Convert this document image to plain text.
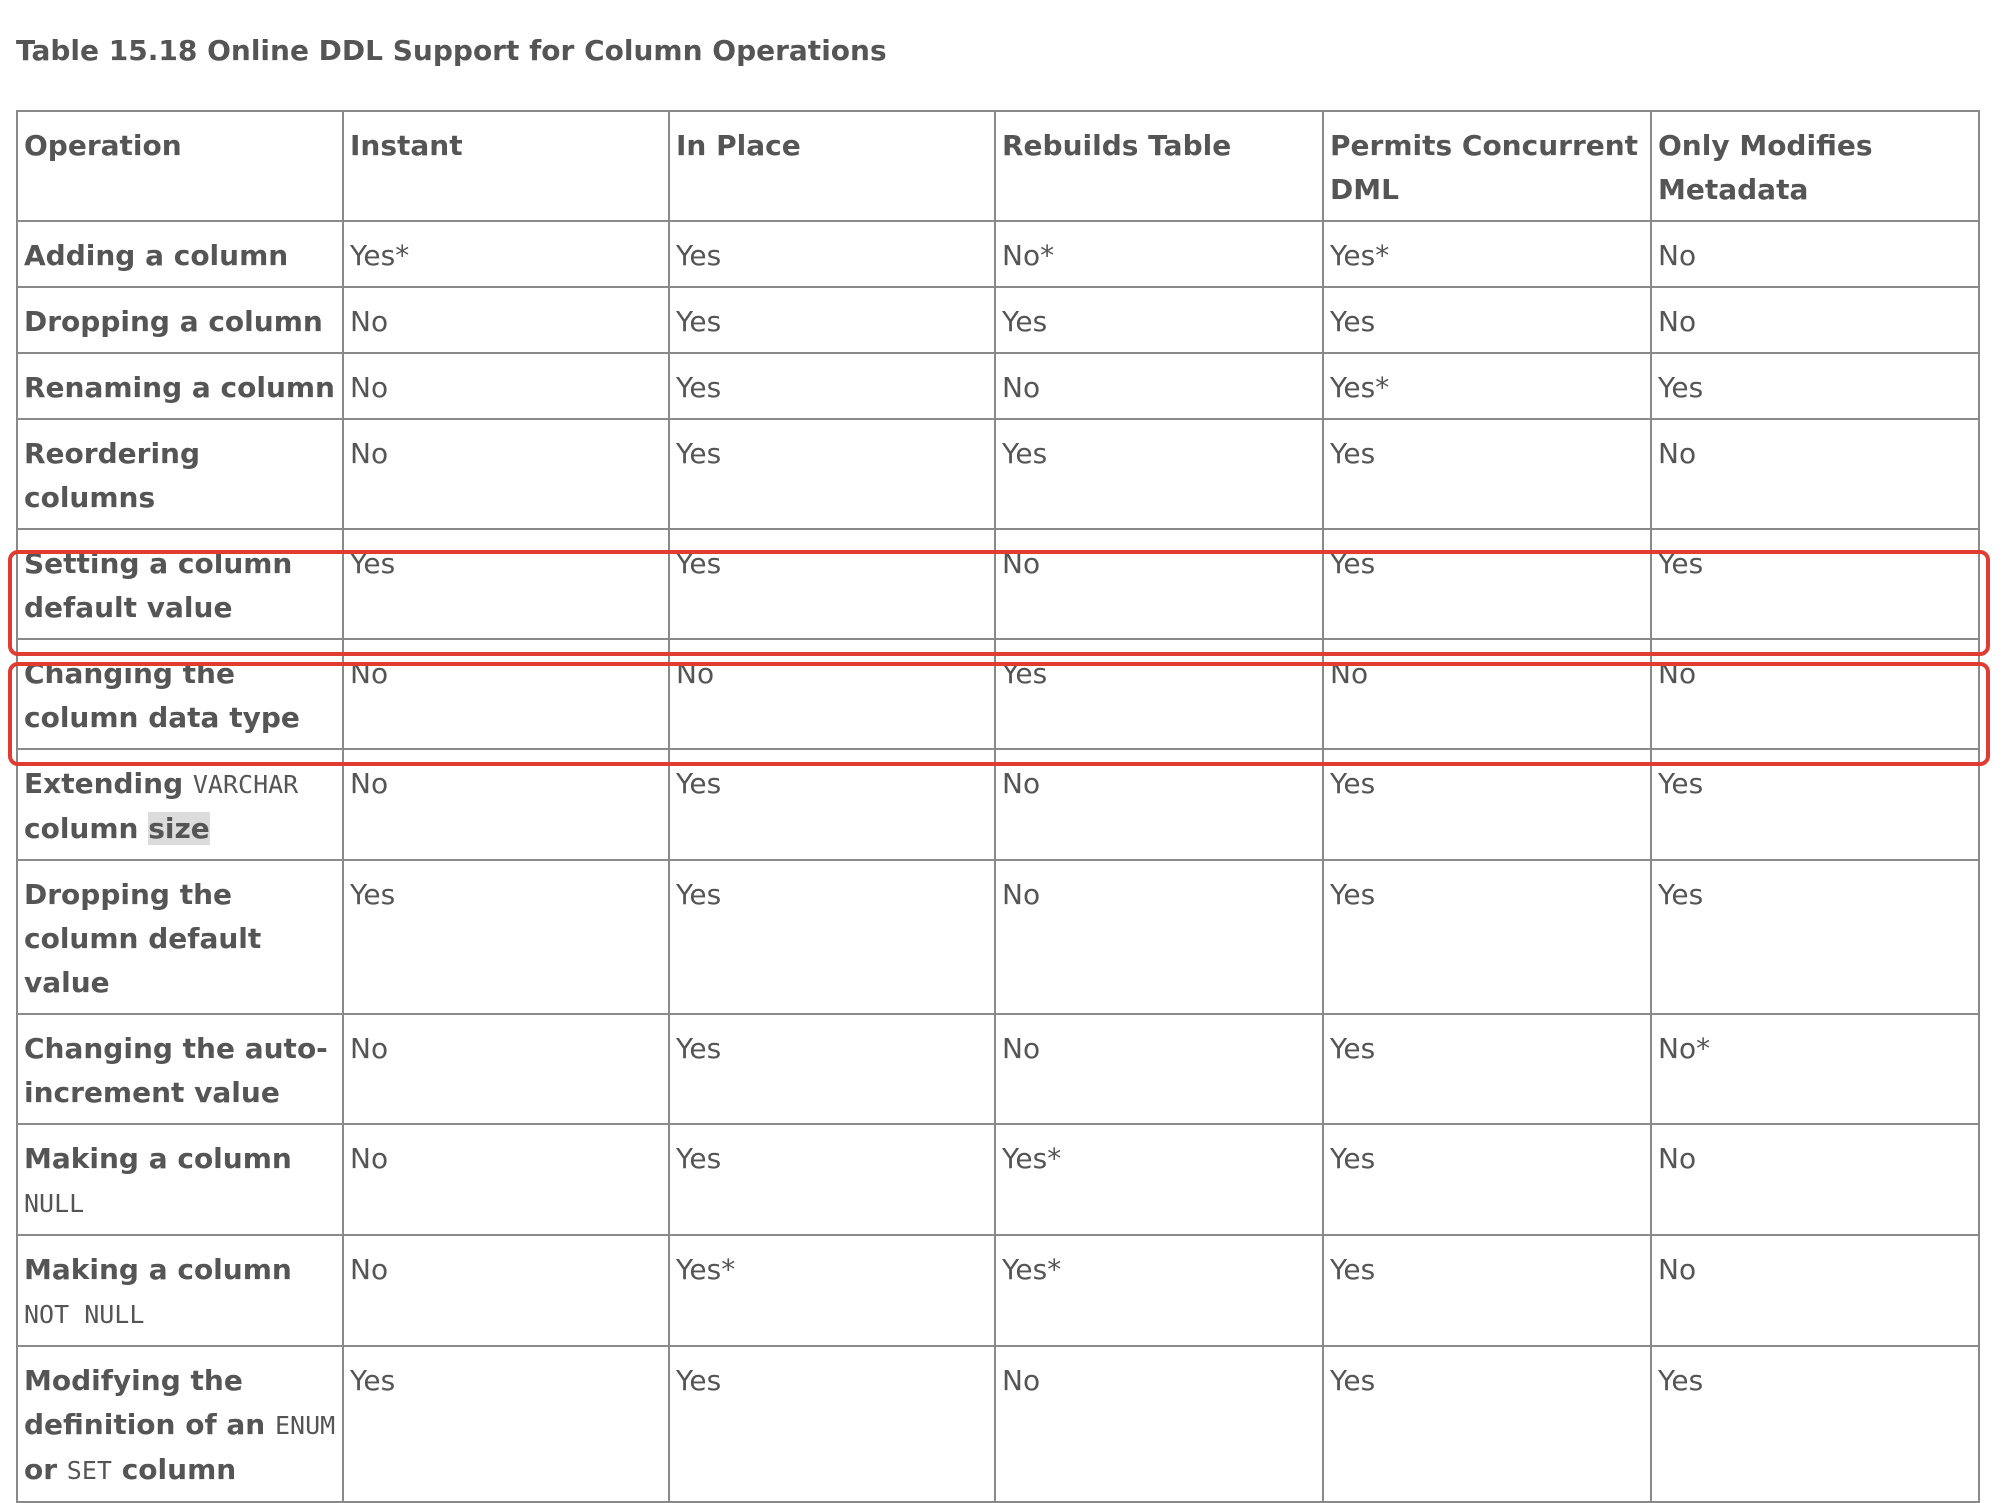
Table 15.18 Online DDL Support for Column Operations
Operation	Instant	In Place	Rebuilds Table	Permits Concurrent DML	Only Modifies Metadata
Adding a column	Yes*	Yes	No*	Yes*	No
Dropping a column	No	Yes	Yes	Yes	No
Renaming a column	No	Yes	No	Yes*	Yes
Reordering columns	No	Yes	Yes	Yes	No
Setting a column default value	Yes	Yes	No	Yes	Yes
Changing the column data type	No	No	Yes	No	No
Extending VARCHAR column size	No	Yes	No	Yes	Yes
Dropping the column default value	Yes	Yes	No	Yes	Yes
Changing the auto-increment value	No	Yes	No	Yes	No*
Making a column NULL	No	Yes	Yes*	Yes	No
Making a column NOT NULL	No	Yes*	Yes*	Yes	No
Modifying the definition of an ENUM or SET column	Yes	Yes	No	Yes	Yes
